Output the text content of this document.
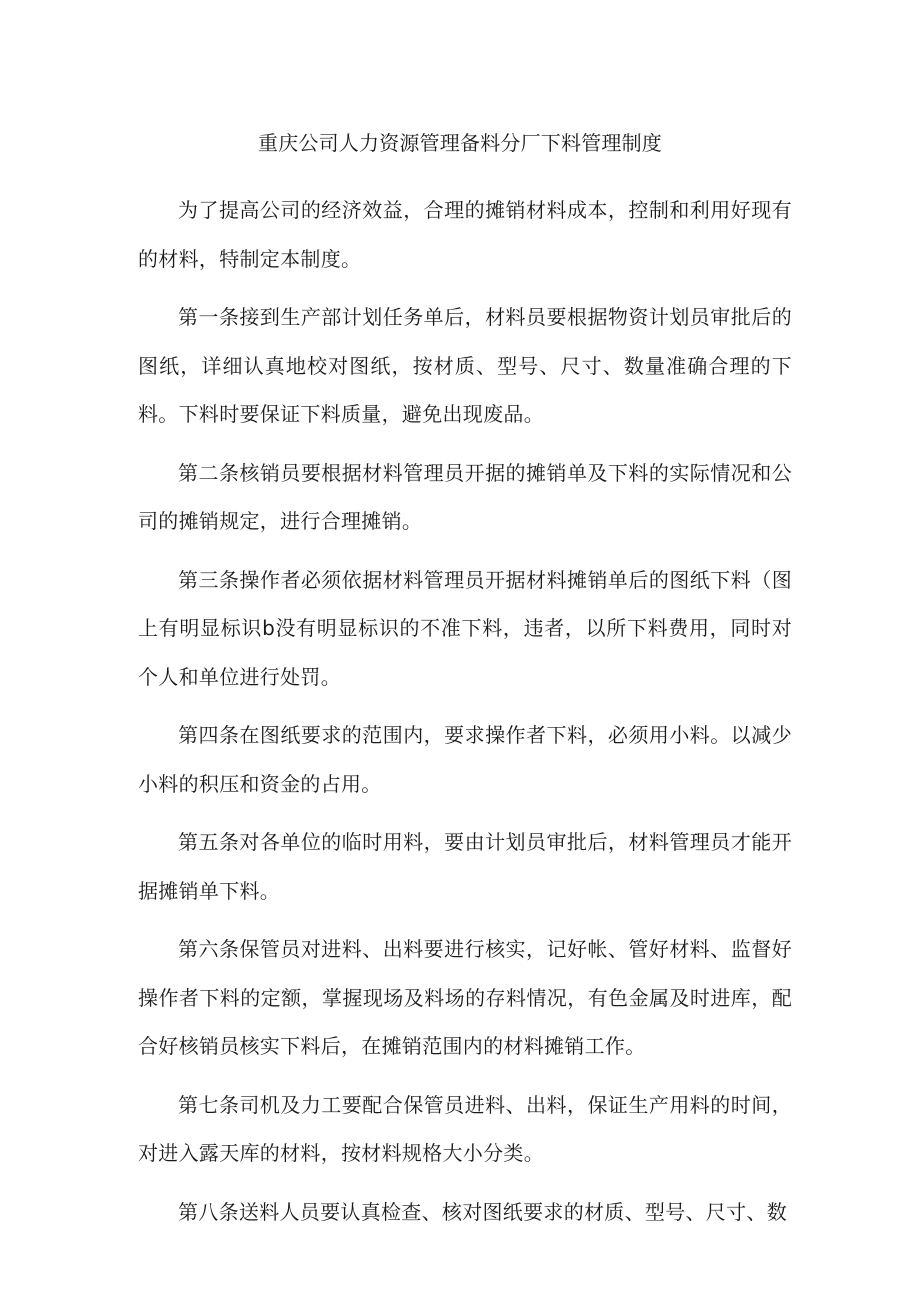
重庆公司人力资源管理备料分厂下料管理制度

为了提高公司的经济效益，合理的摊销材料成本，控制和利用好现有的材料，特制定本制度。

第一条接到生产部计划任务单后，材料员要根据物资计划员审批后的图纸，详细认真地校对图纸，按材质、型号、尺寸、数量准确合理的下料。下料时要保证下料质量，避免出现废品。

第二条核销员要根据材料管理员开据的摊销单及下料的实际情况和公司的摊销规定，进行合理摊销。

第三条操作者必须依据材料管理员开据材料摊销单后的图纸下料（图上有明显标识b没有明显标识的不准下料，违者，以所下料费用，同时对个人和单位进行处罚。

第四条在图纸要求的范围内，要求操作者下料，必须用小料。以减少小料的积压和资金的占用。

第五条对各单位的临时用料，要由计划员审批后，材料管理员才能开据摊销单下料。

第六条保管员对进料、出料要进行核实，记好帐、管好材料、监督好操作者下料的定额，掌握现场及料场的存料情况，有色金属及时进库，配合好核销员核实下料后，在摊销范围内的材料摊销工作。

第七条司机及力工要配合保管员进料、出料，保证生产用料的时间，对进入露天库的材料，按材料规格大小分类。

第八条送料人员要认真检查、核对图纸要求的材质、型号、尺寸、数
